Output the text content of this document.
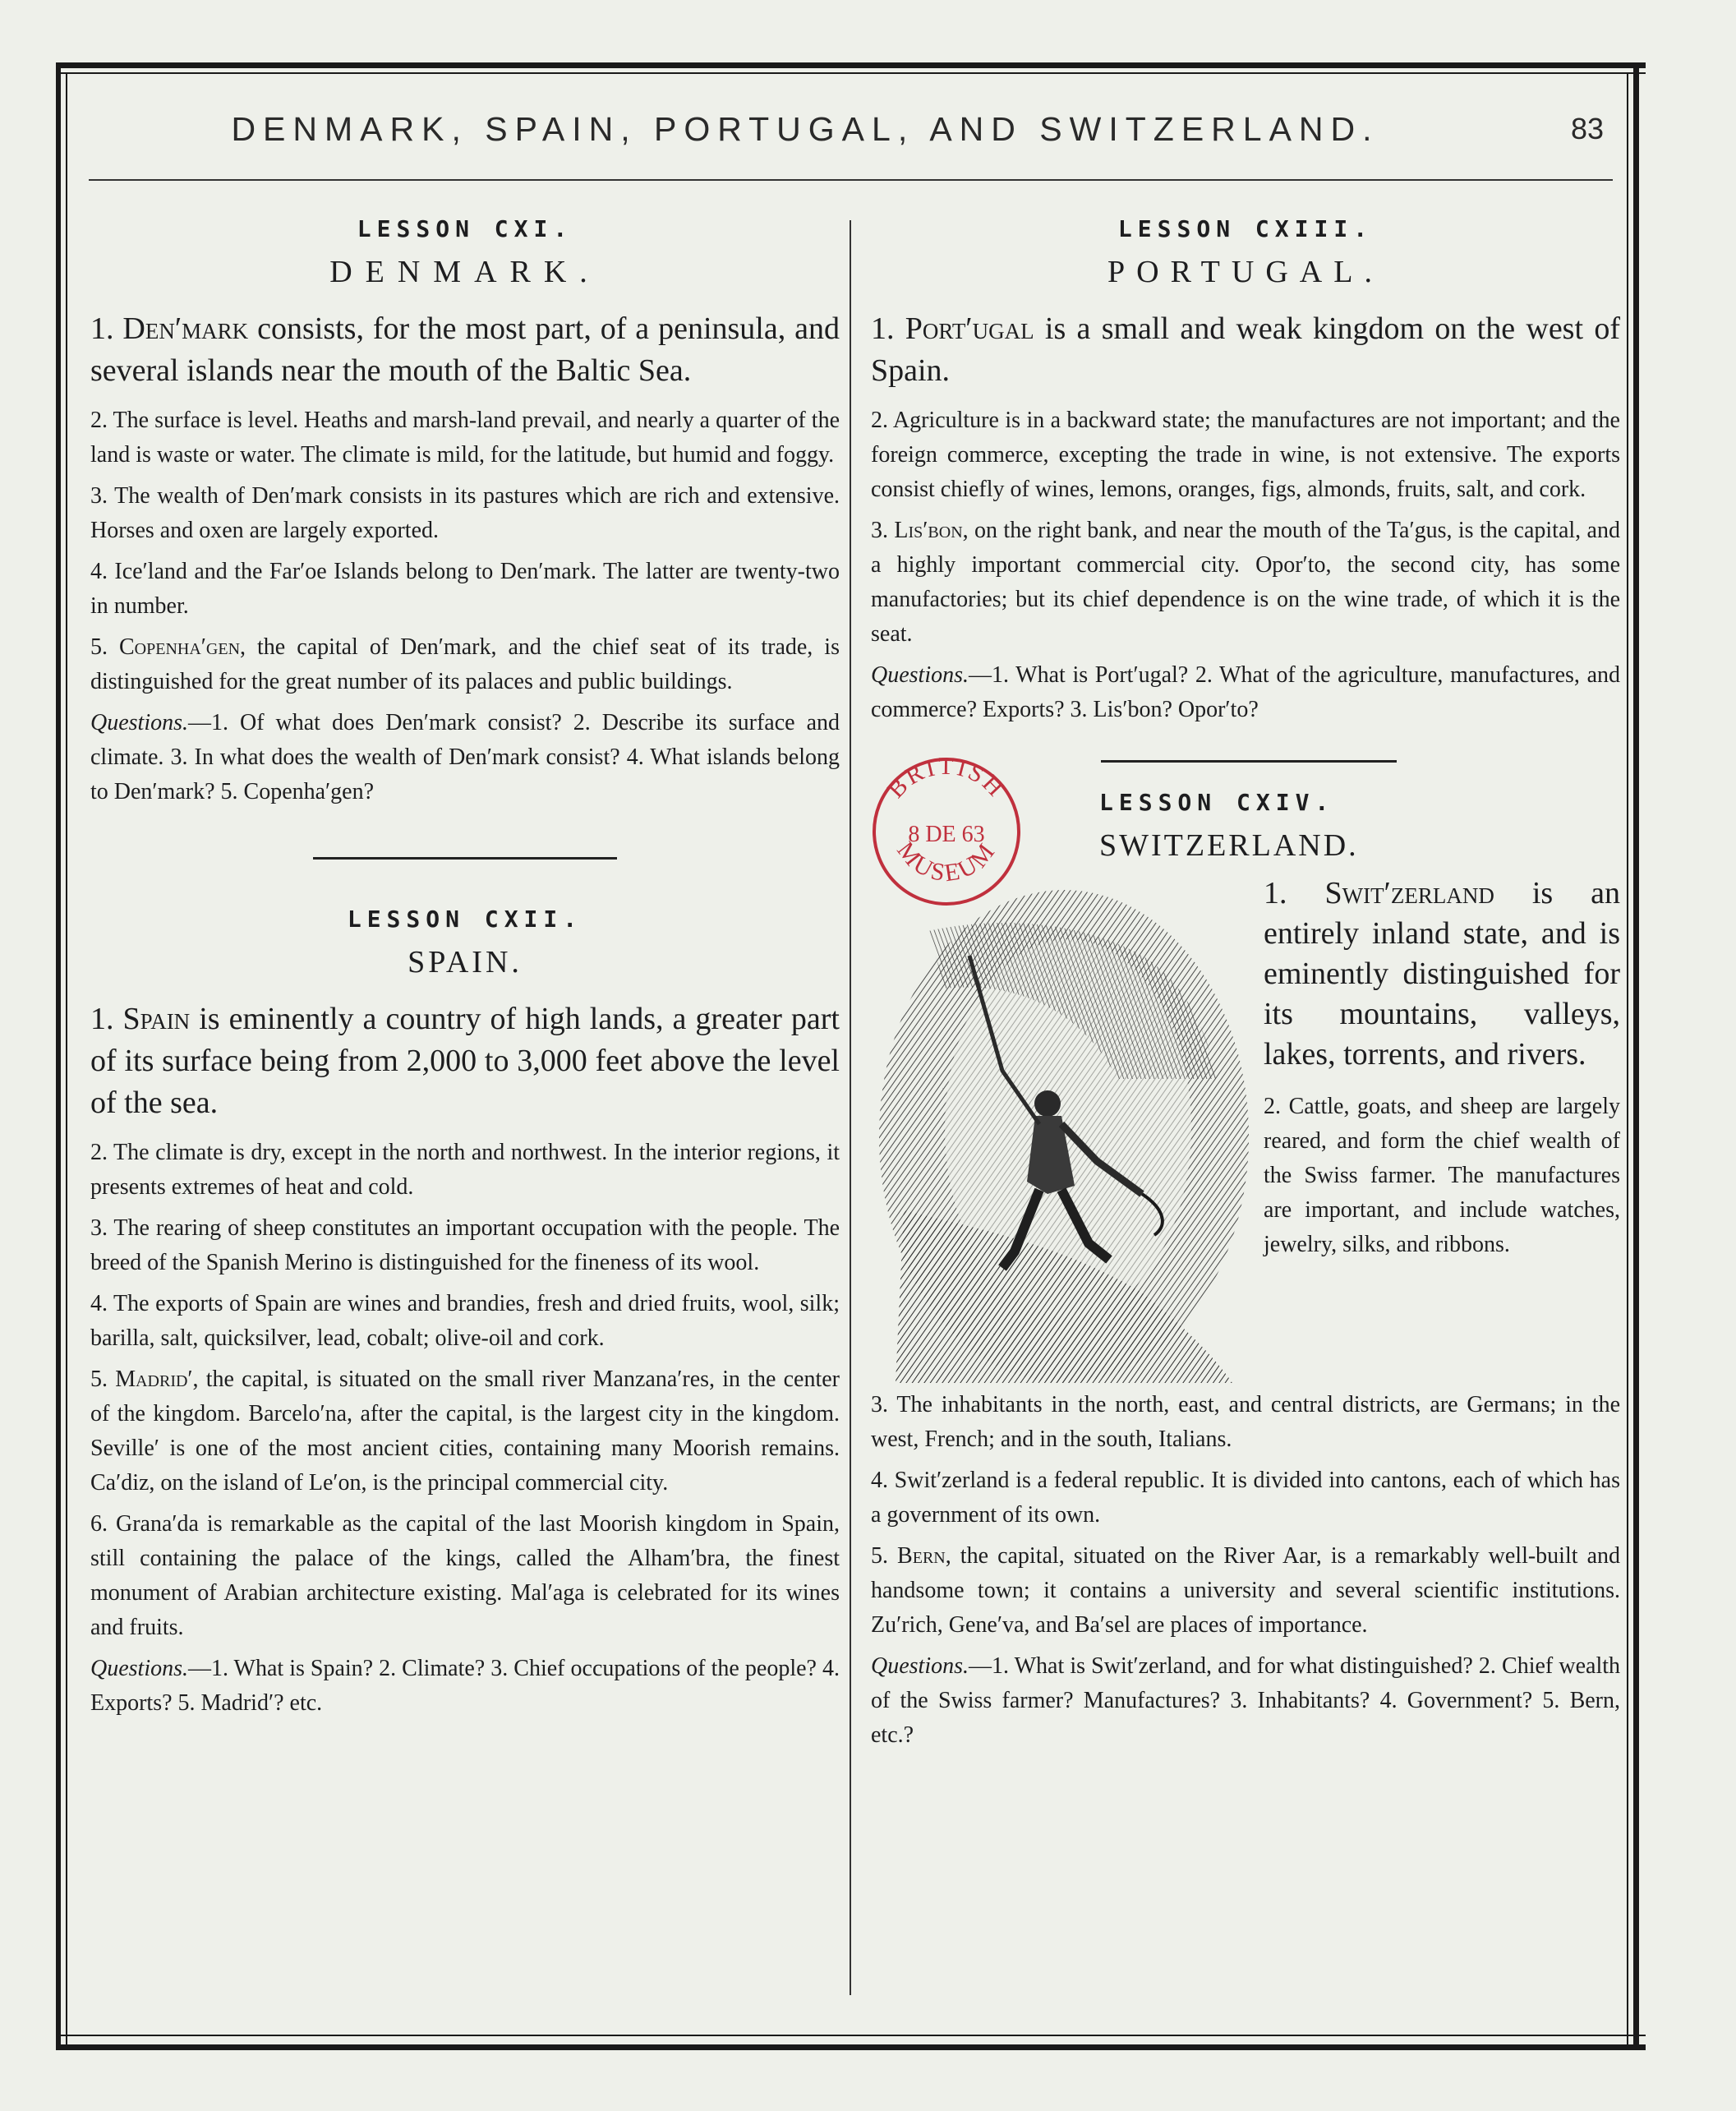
DENMARK, SPAIN, PORTUGAL, AND SWITZERLAND.	83
LESSON CXI.
DENMARK.

1. Den′mark consists, for the most part, of a peninsula, and several islands near the mouth of the Baltic Sea.

2. The surface is level. Heaths and marsh-land prevail, and nearly a quarter of the land is waste or water. The climate is mild, for the latitude, but humid and foggy.

3. The wealth of Den′mark consists in its pastures which are rich and extensive. Horses and oxen are largely exported.

4. Ice′land and the Far′oe Islands belong to Den′mark. The latter are twenty-two in number.

5. Copenha′gen, the capital of Den′mark, and the chief seat of its trade, is distinguished for the great number of its palaces and public buildings.

Questions.—1. Of what does Den′mark consist? 2. Describe its surface and climate. 3. In what does the wealth of Den′mark consist? 4. What islands belong to Den′mark? 5. Copenha′gen?

LESSON CXII.
SPAIN.

1. Spain is eminently a country of high lands, a greater part of its surface being from 2,000 to 3,000 feet above the level of the sea.

2. The climate is dry, except in the north and northwest. In the interior regions, it presents extremes of heat and cold.

3. The rearing of sheep constitutes an important occupation with the people. The breed of the Spanish Merino is distinguished for the fineness of its wool.

4. The exports of Spain are wines and brandies, fresh and dried fruits, wool, silk; barilla, salt, quicksilver, lead, cobalt; olive-oil and cork.

5. Madrid′, the capital, is situated on the small river Manzana′res, in the center of the kingdom. Barcelo′na, after the capital, is the largest city in the kingdom. Seville′ is one of the most ancient cities, containing many Moorish remains. Ca′diz, on the island of Le′on, is the principal commercial city.

6. Grana′da is remarkable as the capital of the last Moorish kingdom in Spain, still containing the palace of the kings, called the Alham′bra, the finest monument of Arabian architecture existing. Mal′aga is celebrated for its wines and fruits.

Questions.—1. What is Spain? 2. Climate? 3. Chief occupations of the people? 4. Exports? 5. Madrid′? etc.

LESSON CXIII.
PORTUGAL.

1. Port′ugal is a small and weak kingdom on the west of Spain.

2. Agriculture is in a backward state; the manufactures are not important; and the foreign commerce, excepting the trade in wine, is not extensive. The exports consist chiefly of wines, lemons, oranges, figs, almonds, fruits, salt, and cork.

3. Lis′bon, on the right bank, and near the mouth of the Ta′gus, is the capital, and a highly important commercial city. Opor′to, the second city, has some manufactories; but its chief dependence is on the wine trade, of which it is the seat.

Questions.—1. What is Port′ugal? 2. What of the agriculture, manufactures, and commerce? Exports? 3. Lis′bon? Opor′to?

BRITISH
8 DE 63
MUSEUM
LESSON CXIV.
SWITZERLAND.

1. Swit′zerland is an entirely inland state, and is eminently distinguished for its mountains, valleys, lakes, torrents, and rivers.

2. Cattle, goats, and sheep are largely reared, and form the chief wealth of the Swiss farmer. The manufactures are important, and include watches, jewelry, silks, and ribbons.

3. The inhabitants in the north, east, and central districts, are Germans; in the west, French; and in the south, Italians.

4. Swit′zerland is a federal republic. It is divided into cantons, each of which has a government of its own.

5. Bern, the capital, situated on the River Aar, is a remarkably well-built and handsome town; it contains a university and several scientific institutions. Zu′rich, Gene′va, and Ba′sel are places of importance.

Questions.—1. What is Swit′zerland, and for what distinguished? 2. Chief wealth of the Swiss farmer? Manufactures? 3. Inhabitants? 4. Government? 5. Bern, etc.?
